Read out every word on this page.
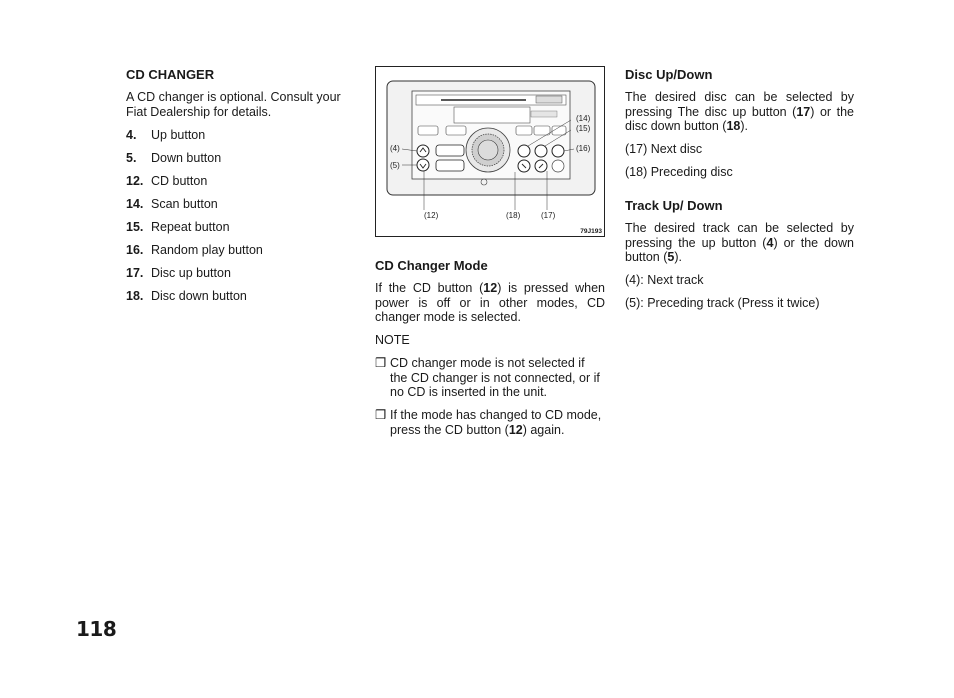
CD CHANGER
A CD changer is optional. Consult your Fiat Dealership for details.
4. Up button
5. Down button
12. CD button
14. Scan button
15. Repeat button
16. Random play button
17. Disc up button
18. Disc down button
(4)
(5)
(12)	(18)	(17)
(14)
(15)
(16)
79J193
CD Changer Mode
If the CD button (12) is pressed when power is off or in other modes, CD changer mode is selected.
NOTE
❒ CD changer mode is not selected if the CD changer is not connected, or if no CD is inserted in the unit.
❒ If the mode has changed to CD mode, press the CD button (12) again.
Disc Up/Down
The desired disc can be selected by pressing The disc up button (17) or the disc down button (18).
(17) Next disc
(18) Preceding disc
Track Up/ Down
The desired track can be selected by pressing the up button (4) or the down button (5).
(4): Next track
(5): Preceding track (Press it twice)
118
